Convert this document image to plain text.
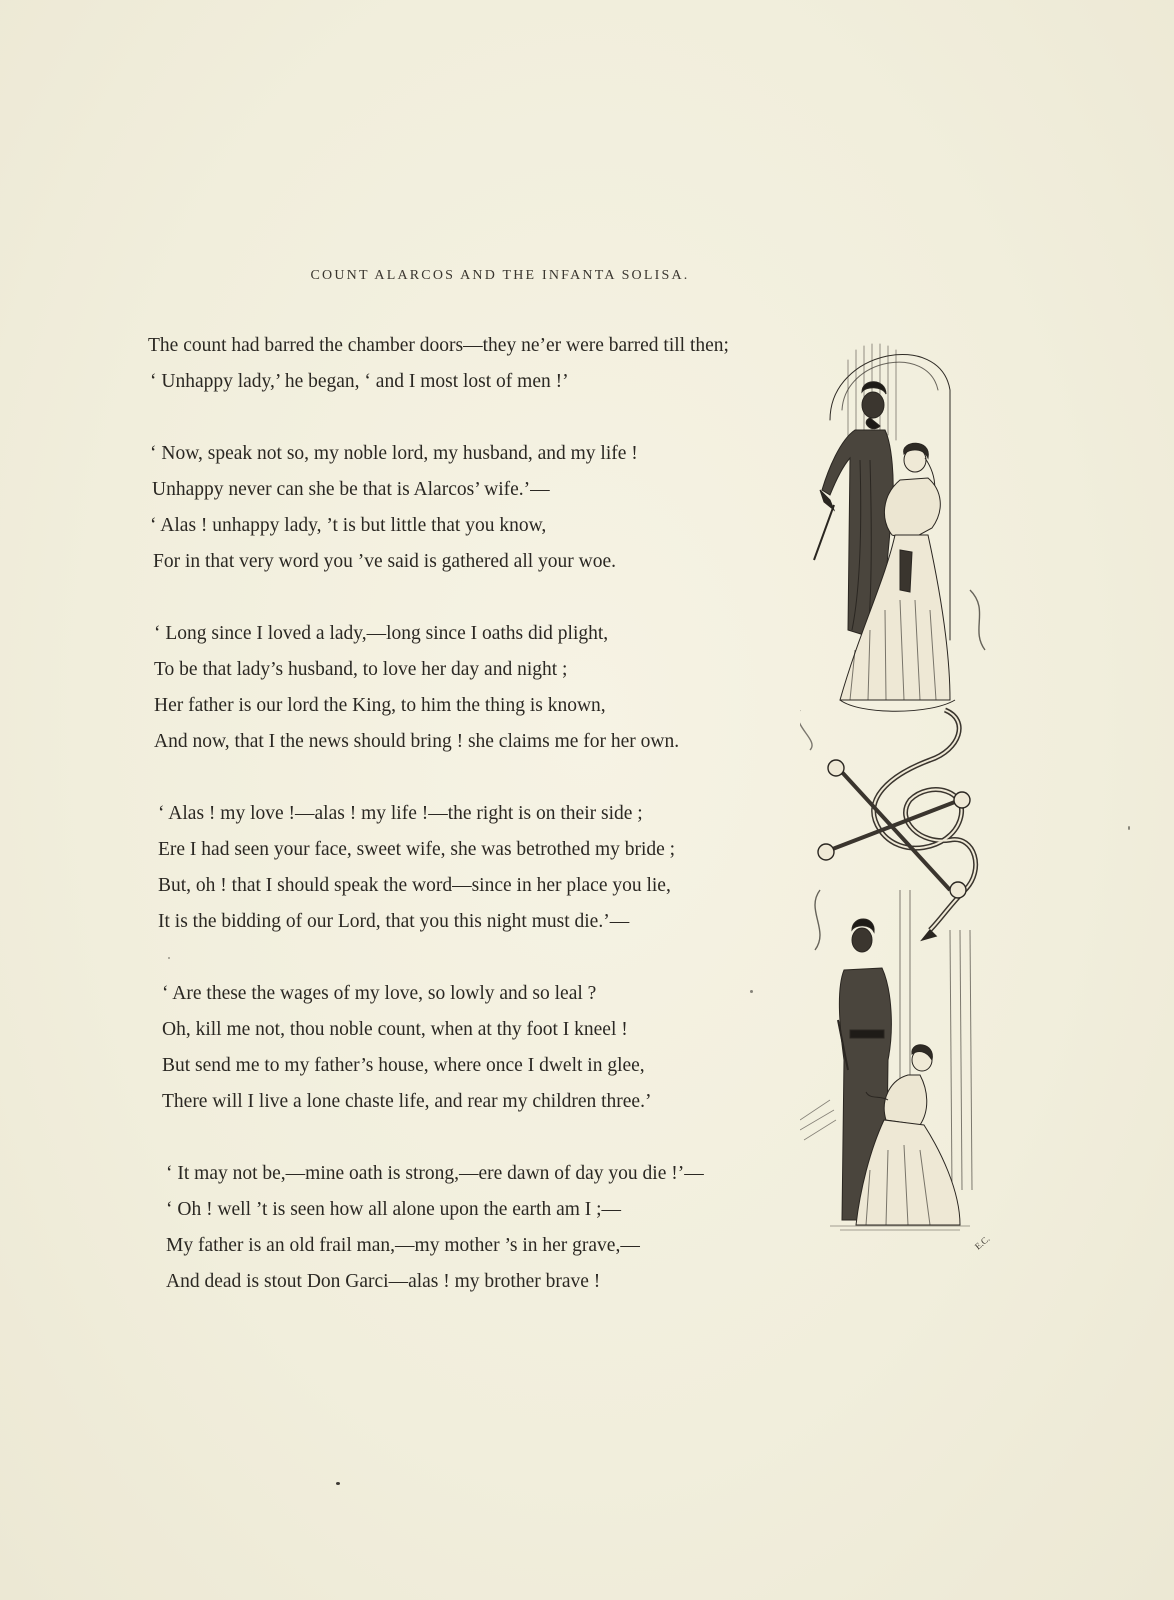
COUNT ALARCOS AND THE INFANTA SOLISA.
The count had barred the chamber doors—they ne’er were barred till then;
‘ Unhappy lady,’ he began, ‘ and I most lost of men !’
‘ Now, speak not so, my noble lord, my husband, and my life !
Unhappy never can she be that is Alarcos’ wife.’—
‘ Alas ! unhappy lady, ’t is but little that you know,
For in that very word you ’ve said is gathered all your woe.
‘ Long since I loved a lady,—long since I oaths did plight,
To be that lady’s husband, to love her day and night ;
Her father is our lord the King, to him the thing is known,
And now, that I the news should bring ! she claims me for her own.
‘ Alas ! my love !—alas ! my life !—the right is on their side ;
Ere I had seen your face, sweet wife, she was betrothed my bride ;
But, oh ! that I should speak the word—since in her place you lie,
It is the bidding of our Lord, that you this night must die.’—
‘ Are these the wages of my love, so lowly and so leal ?
Oh, kill me not, thou noble count, when at thy foot I kneel !
But send me to my father’s house, where once I dwelt in glee,
There will I live a lone chaste life, and rear my children three.’
‘ It may not be,—mine oath is strong,—ere dawn of day you die !’—
‘ Oh ! well ’t is seen how all alone upon the earth am I ;—
My father is an old frail man,—my mother ’s in her grave,—
And dead is stout Don Garci—alas ! my brother brave !
E.C.
